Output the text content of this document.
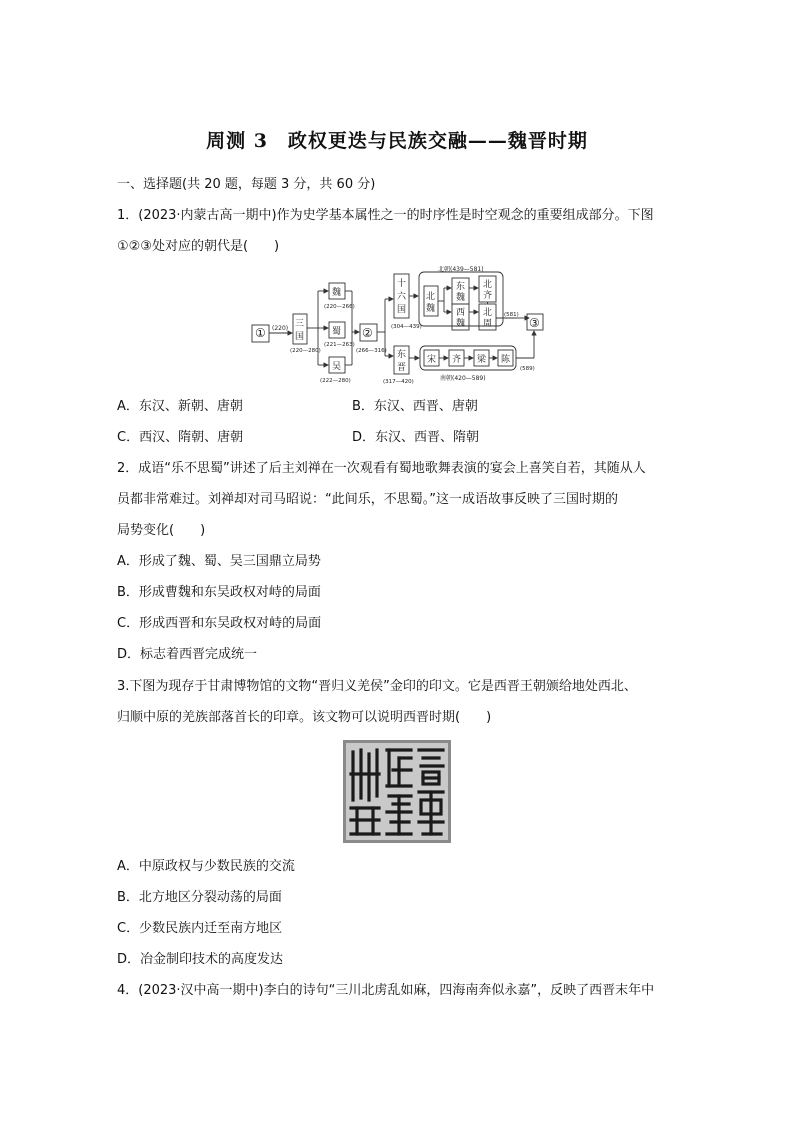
周测 3　政权更迭与民族交融——魏晋时期
一、选择题(共 20 题，每题 3 分，共 60 分)
1．(2023·内蒙古高一期中)作为史学基本属性之一的时序性是时空观念的重要组成部分。下图
①②③处对应的朝代是(　　)
① (220) 三
国
(220—280)
魏
(220—266)
蜀
(221—263)
吴
(222—280)
②
(266—316)
十
六
国
(304—439)
北朝(439—581)
北
魏
东
魏
西
魏
北
齐
北
周
(581)
③
东
晋
(317—420)
宋 齐 梁 陈
南朝(420—589)
(589)
A．东汉、新朝、唐朝	B．东汉、西晋、唐朝
C．西汉、隋朝、唐朝	D．东汉、西晋、隋朝
2．成语“乐不思蜀”讲述了后主刘禅在一次观看有蜀地歌舞表演的宴会上喜笑自若，其随从人
员都非常难过。刘禅却对司马昭说：“此间乐，不思蜀。”这一成语故事反映了三国时期的
局势变化(　　)
A．形成了魏、蜀、吴三国鼎立局势
B．形成曹魏和东吴政权对峙的局面
C．形成西晋和东吴政权对峙的局面
D．标志着西晋完成统一
3.下图为现存于甘肃博物馆的文物“晋归义羌侯”金印的印文。它是西晋王朝颁给地处西北、
归顺中原的羌族部落首长的印章。该文物可以说明西晋时期(　　)
A．中原政权与少数民族的交流
B．北方地区分裂动荡的局面
C．少数民族内迁至南方地区
D．冶金制印技术的高度发达
4．(2023·汉中高一期中)李白的诗句“三川北虏乱如麻，四海南奔似永嘉”，反映了西晋末年中
